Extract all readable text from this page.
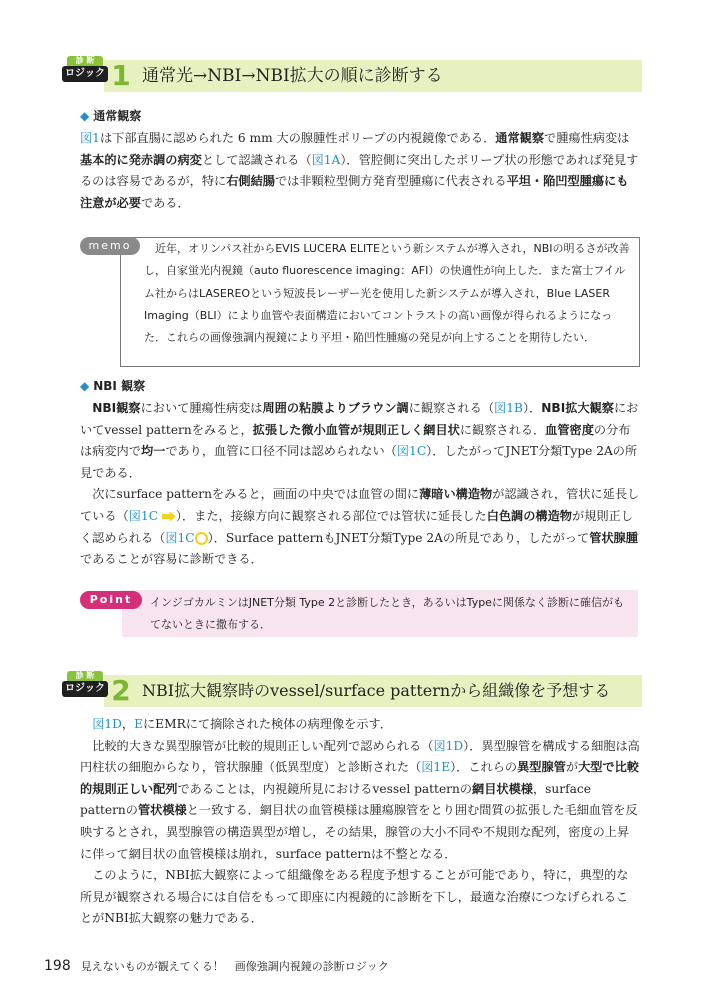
診 断
ロジック 1 通常光→NBI→NBI拡大の順に診断する
◆ 通常観察

図1は下部直腸に認められた 6 mm 大の腺腫性ポリープの内視鏡像である．通常観察で腫瘍性病変は基本的に発赤調の病変として認識される（図1A）．管腔側に突出したポリープ状の形態であれば発見するのは容易であるが，特に右側結腸では非顆粒型側方発育型腫瘍に代表される平坦・陥凹型腫瘍にも注意が必要である．

memo	近年，オリンパス社からEVIS LUCERA ELITEという新システムが導入され，NBIの明るさが改善し，自家蛍光内視鏡（auto fluorescence imaging：AFI）の快適性が向上した．また富士フイルム社からはLASEREOという短波長レーザー光を使用した新システムが導入され，Blue LASER Imaging（BLI）により血管や表面構造においてコントラストの高い画像が得られるようになった．これらの画像強調内視鏡により平坦・陥凹性腫瘍の発見が向上することを期待したい．
◆ NBI 観察

NBI観察において腫瘍性病変は周囲の粘膜よりブラウン調に観察される（図1B）．NBI拡大観察においてvessel patternをみると，拡張した微小血管が規則正しく網目状に観察される．血管密度の分布は病変内で均一であり，血管に口径不同は認められない（図1C）．したがってJNET分類Type 2Aの所見である．

次にsurface patternをみると，画面の中央では血管の間に薄暗い構造物が認識され，管状に延長している（図1C ）．また，接線方向に観察される部位では管状に延長した白色調の構造物が規則正しく認められる（図1C ）．Surface patternもJNET分類Type 2Aの所見であり，したがって管状腺腫であることが容易に診断できる．

Point	インジゴカルミンはJNET分類 Type 2と診断したとき，あるいはTypeに関係なく診断に確信がもてないときに撒布する．
診 断
ロジック 2 NBI拡大観察時のvessel/surface patternから組織像を予想する

図1D，EにEMRにて摘除された検体の病理像を示す．

比較的大きな異型腺管が比較的規則正しい配列で認められる（図1D）．異型腺管を構成する細胞は高円柱状の細胞からなり，管状腺腫（低異型度）と診断された（図1E）．これらの異型腺管が大型で比較的規則正しい配列であることは，内視鏡所見におけるvessel patternの網目状模様，surface patternの管状模様と一致する．網目状の血管模様は腫瘍腺管をとり囲む間質の拡張した毛細血管を反映するとされ，異型腺管の構造異型が増し，その結果，腺管の大小不同や不規則な配列，密度の上昇に伴って網目状の血管模様は崩れ，surface patternは不整となる．

このように，NBI拡大観察によって組織像をある程度予想することが可能であり，特に，典型的な所見が観察される場合には自信をもって即座に内視鏡的に診断を下し，最適な治療につなげられることがNBI拡大観察の魅力である．

198 見えないものが観えてくる！　画像強調内視鏡の診断ロジック
